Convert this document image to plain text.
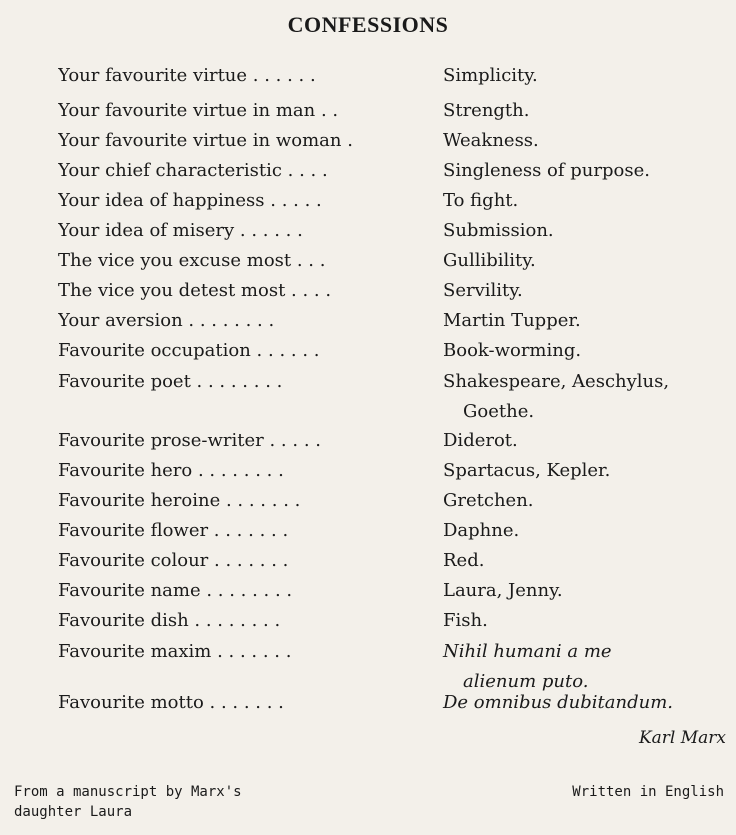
CONFESSIONS
Your favourite virtue . . . . . .	Simplicity.
Your favourite virtue in man . .	Strength.
Your favourite virtue in woman .	Weakness.
Your chief characteristic . . . .	Singleness of purpose.
Your idea of happiness . . . . .	To fight.
Your idea of misery . . . . . .	Submission.
The vice you excuse most . . .	Gullibility.
The vice you detest most . . . .	Servility.
Your aversion . . . . . . . .	Martin Tupper.
Favourite occupation . . . . . .	Book-worming.
Favourite poet . . . . . . . .	Shakespeare, Aeschylus,
Goethe.
Favourite prose-writer . . . . .	Diderot.
Favourite hero . . . . . . . .	Spartacus, Kepler.
Favourite heroine . . . . . . .	Gretchen.
Favourite flower . . . . . . .	Daphne.
Favourite colour . . . . . . .	Red.
Favourite name . . . . . . . .	Laura, Jenny.
Favourite dish . . . . . . . .	Fish.
Favourite maxim . . . . . . .	Nihil humani a me
alienum puto.
Favourite motto . . . . . . .	De omnibus dubitandum.
Karl Marx
From a manuscript by Marx's
daughter Laura
Written in English
